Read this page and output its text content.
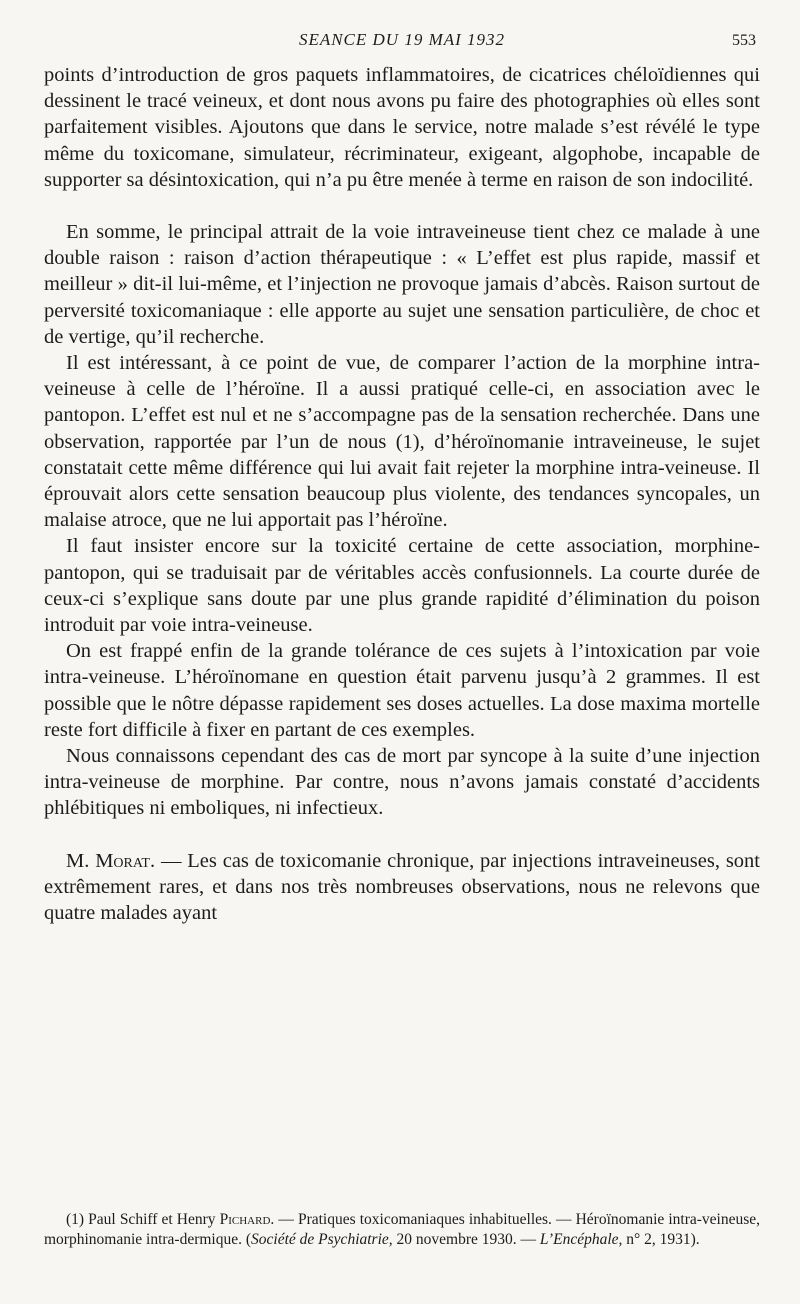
SEANCE DU 19 MAI 1932	553

points d’introduction de gros paquets inflammatoires, de cicatrices chéloïdiennes qui dessinent le tracé veineux, et dont nous avons pu faire des photographies où elles sont parfaitement visibles. Ajoutons que dans le service, notre malade s’est révélé le type même du toxicomane, simulateur, récriminateur, exigeant, algophobe, incapable de supporter sa désintoxication, qui n’a pu être menée à terme en raison de son indocilité.

En somme, le principal attrait de la voie intraveineuse tient chez ce malade à une double raison : raison d’action thérapeutique : « L’effet est plus rapide, massif et meilleur » dit-il lui-même, et l’injection ne provoque jamais d’abcès. Raison surtout de perversité toxicomaniaque : elle apporte au sujet une sensation particulière, de choc et de vertige, qu’il recherche.

Il est intéressant, à ce point de vue, de comparer l’action de la morphine intra-veineuse à celle de l’héroïne. Il a aussi pratiqué celle-ci, en association avec le pantopon. L’effet est nul et ne s’accompagne pas de la sensation recherchée. Dans une observation, rapportée par l’un de nous (1), d’héroïnomanie intraveineuse, le sujet constatait cette même différence qui lui avait fait rejeter la morphine intra-veineuse. Il éprouvait alors cette sensation beaucoup plus violente, des tendances syncopales, un malaise atroce, que ne lui apportait pas l’héroïne.

Il faut insister encore sur la toxicité certaine de cette association, morphine-pantopon, qui se traduisait par de véritables accès confusionnels. La courte durée de ceux-ci s’explique sans doute par une plus grande rapidité d’élimination du poison introduit par voie intra-veineuse.

On est frappé enfin de la grande tolérance de ces sujets à l’intoxication par voie intra-veineuse. L’héroïnomane en question était parvenu jusqu’à 2 grammes. Il est possible que le nôtre dépasse rapidement ses doses actuelles. La dose maxima mortelle reste fort difficile à fixer en partant de ces exemples.

Nous connaissons cependant des cas de mort par syncope à la suite d’une injection intra-veineuse de morphine. Par contre, nous n’avons jamais constaté d’accidents phlébitiques ni emboliques, ni infectieux.

M. Morat. — Les cas de toxicomanie chronique, par injections intraveineuses, sont extrêmement rares, et dans nos très nombreuses observations, nous ne relevons que quatre malades ayant

(1) Paul Schiff et Henry Pichard. — Pratiques toxicomaniaques inhabituelles. — Héroïnomanie intra-veineuse, morphinomanie intra-dermique. (Société de Psychiatrie, 20 novembre 1930. — L’Encéphale, n° 2, 1931).
